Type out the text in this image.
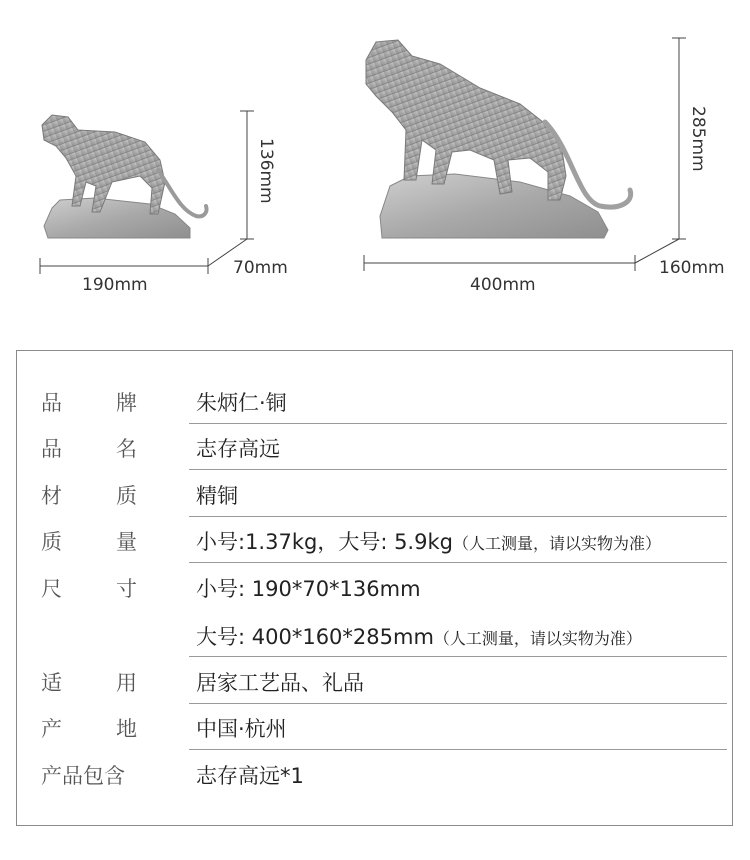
190mm
70mm
136mm
400mm
160mm
285mm
品	牌	朱炳仁·铜
品	名	志存高远
材	质	精铜
质	量	小号:1.37kg，大号: 5.9kg（人工测量，请以实物为准）
尺	寸	小号: 190*70*136mm
大号: 400*160*285mm（人工测量，请以实物为准）
适	用	居家工艺品、礼品
产	地	中国·杭州
产品包含	志存高远*1
